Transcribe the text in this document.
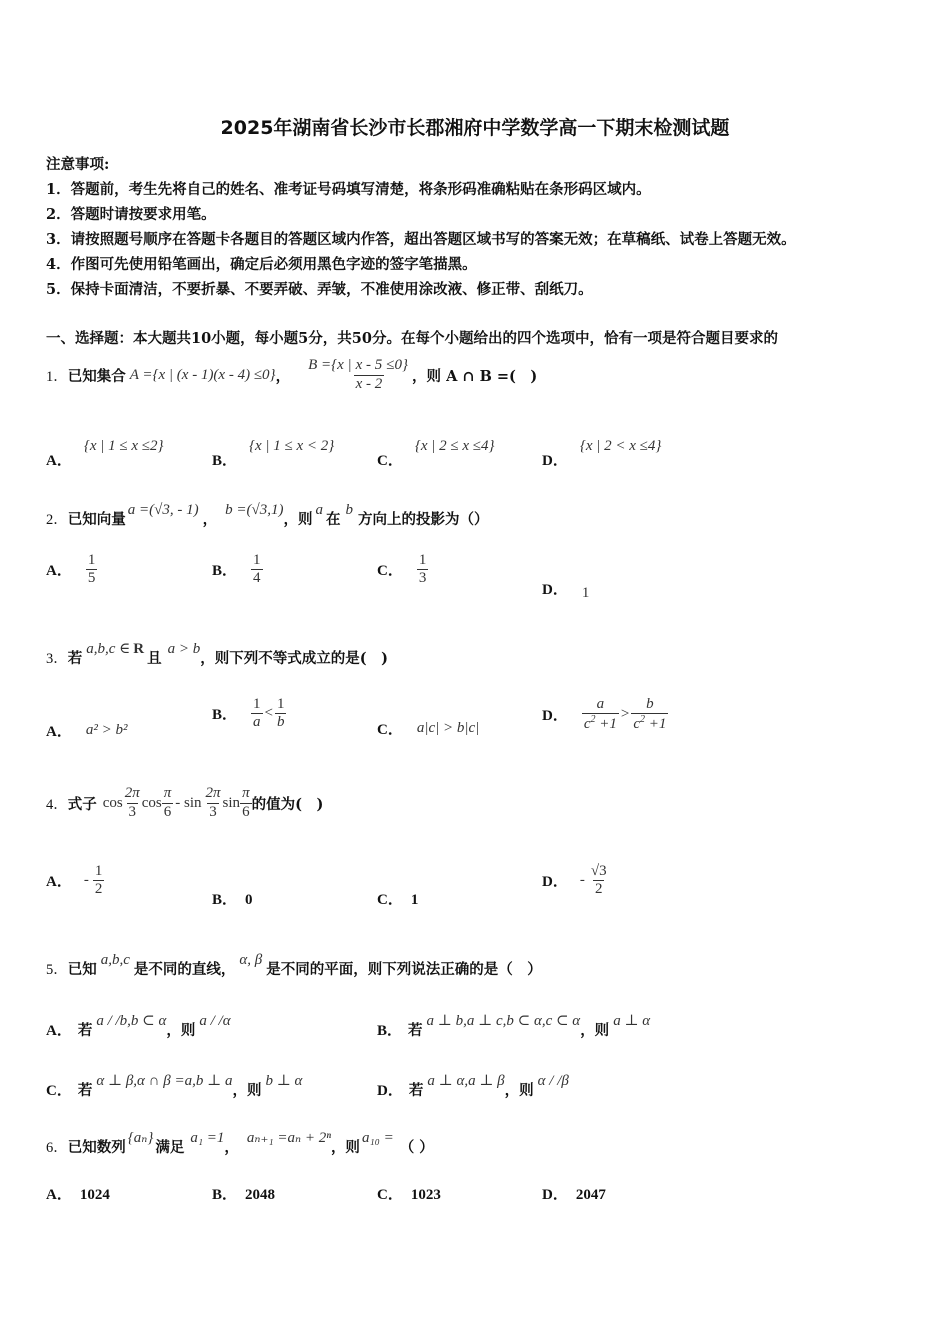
2025年湖南省长沙市长郡湘府中学数学高一下期末检测试题
注意事项:
1．答题前，考生先将自己的姓名、准考证号码填写清楚，将条形码准确粘贴在条形码区域内。
2．答题时请按要求用笔。
3．请按照题号顺序在答题卡各题目的答题区域内作答，超出答题区域书写的答案无效；在草稿纸、试卷上答题无效。
4．作图可先使用铅笔画出，确定后必须用黑色字迹的签字笔描黑。
5．保持卡面清洁，不要折暴、不要弄破、弄皱，不准使用涂改液、修正带、刮纸刀。
一、选择题：本大题共10小题，每小题5分，共50分。在每个小题给出的四个选项中，恰有一项是符合题目要求的
1． 已知集合 A ={x | (x - 1)(x - 4) ≤0} ，
B ={x | $\frac{x - 5}{x - 2} \le 0$}
，则 A ∩ B =(　)
A．{x | 1 ≤ x ≤2}
B．{x | 1 ≤ x < 2}
C．{x | 2 ≤ x ≤4}
D．{x | 2 < x ≤4}
2． 已知向量
a =(√3, - 1)
，
b =(√3,1)
，则
a
在
b
方向上的投影为（）
A． $\frac{1}{5}$	B． $\frac{1}{4}$	C． $\frac{1}{3}$
D． 1
3． 若
a,b,c ∈ R
且
a > b
，则下列不等式成立的是(　)
A． a² > b²
B． $\frac{1}{a} < \frac{1}{b}$	C． a|c| > b|c|
D． $\frac{a}{c^2 +1} > \frac{b}{c^2 +1}$
4． 式子 $\cos \frac{2\pi}{3}$ $\cos \frac{\pi}{6}$ - $\sin \frac{2\pi}{3}$ $\sin \frac{\pi}{6}$ 的值为(　)
A． - $\frac{1}{2}$
B． 0	C． 1
D． - $\frac{√3}{2}$
5． 已知
a,b,c
是不同的直线，
α, β
是不同的平面，则下列说法正确的是（　）
A． 若
a / /b,b ⊂ α
，则
a / /α
B． 若
a ⊥ b,a ⊥ c,b ⊂ α,c ⊂ α
，则
a ⊥ α
C． 若
α ⊥ β,α ∩ β =a,b ⊥ a
，则
b ⊥ α
D． 若
a ⊥ α,a ⊥ β
，则
α / /β
6． 已知数列
{aₙ}
满足
a₁ =1
，
aₙ₊₁ =aₙ + 2ⁿ
，则
a₁₀ =
（ ）
A． 1024	B． 2048	C． 1023	D． 2047
